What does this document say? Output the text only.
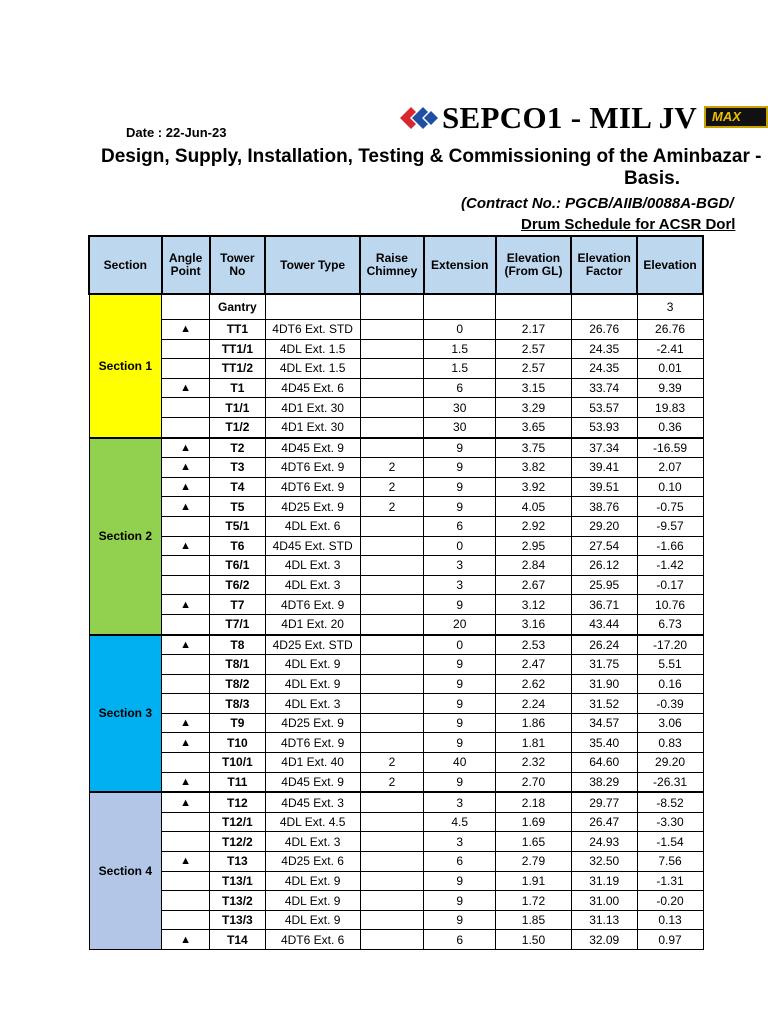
SEPCO1 - MIL JV	MAX
Date : 22-Jun-23
Design, Supply, Installation, Testing & Commissioning of the Aminbazar -
Basis.
(Contract No.: PGCB/AIIB/0088A-BGD/
Drum Schedule for ACSR Dorl
Section	Angle Point	Tower No	Tower Type	Raise Chimney	Extension	Elevation (From GL)	Elevation Factor	Elevation
Section 1		Gantry						3
	▲	TT1	4DT6 Ext. STD		0	2.17	26.76	26.76
		TT1/1	4DL Ext. 1.5		1.5	2.57	24.35	-2.41
		TT1/2	4DL Ext. 1.5		1.5	2.57	24.35	0.01
	▲	T1	4D45 Ext. 6		6	3.15	33.74	9.39
		T1/1	4D1 Ext. 30		30	3.29	53.57	19.83
		T1/2	4D1 Ext. 30		30	3.65	53.93	0.36
Section 2	▲	T2	4D45 Ext. 9		9	3.75	37.34	-16.59
	▲	T3	4DT6 Ext. 9	2	9	3.82	39.41	2.07
	▲	T4	4DT6 Ext. 9	2	9	3.92	39.51	0.10
	▲	T5	4D25 Ext. 9	2	9	4.05	38.76	-0.75
		T5/1	4DL Ext. 6		6	2.92	29.20	-9.57
	▲	T6	4D45 Ext. STD		0	2.95	27.54	-1.66
		T6/1	4DL Ext. 3		3	2.84	26.12	-1.42
		T6/2	4DL Ext. 3		3	2.67	25.95	-0.17
	▲	T7	4DT6 Ext. 9		9	3.12	36.71	10.76
		T7/1	4D1 Ext. 20		20	3.16	43.44	6.73
Section 3	▲	T8	4D25 Ext. STD		0	2.53	26.24	-17.20
		T8/1	4DL Ext. 9		9	2.47	31.75	5.51
		T8/2	4DL Ext. 9		9	2.62	31.90	0.16
		T8/3	4DL Ext. 3		9	2.24	31.52	-0.39
	▲	T9	4D25 Ext. 9		9	1.86	34.57	3.06
	▲	T10	4DT6 Ext. 9		9	1.81	35.40	0.83
		T10/1	4D1 Ext. 40	2	40	2.32	64.60	29.20
	▲	T11	4D45 Ext. 9	2	9	2.70	38.29	-26.31
Section 4	▲	T12	4D45 Ext. 3		3	2.18	29.77	-8.52
		T12/1	4DL Ext. 4.5		4.5	1.69	26.47	-3.30
		T12/2	4DL Ext. 3		3	1.65	24.93	-1.54
	▲	T13	4D25 Ext. 6		6	2.79	32.50	7.56
		T13/1	4DL Ext. 9		9	1.91	31.19	-1.31
		T13/2	4DL Ext. 9		9	1.72	31.00	-0.20
		T13/3	4DL Ext. 9		9	1.85	31.13	0.13
	▲	T14	4DT6 Ext. 6		6	1.50	32.09	0.97
